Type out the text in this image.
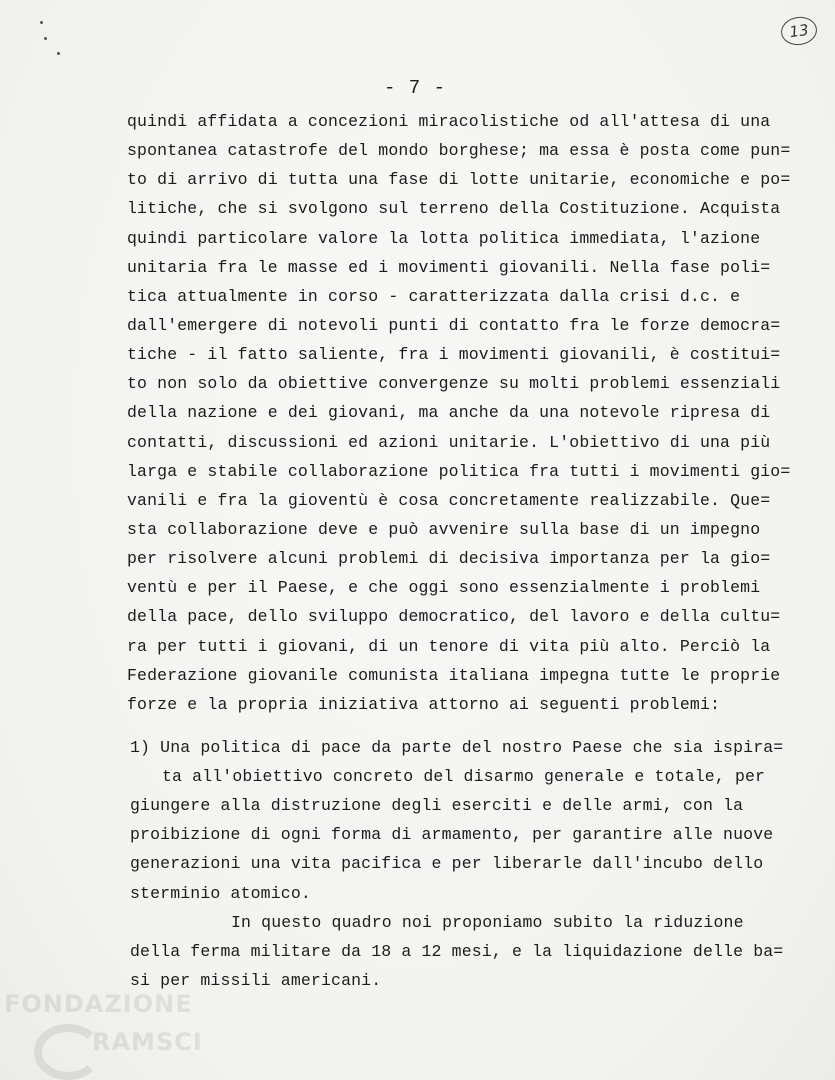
13
- 7 -
quindi affidata a concezioni miracolistiche od all'attesa di una
spontanea catastrofe del mondo borghese; ma essa è posta come pun=
to di arrivo di tutta una fase di lotte unitarie, economiche e po=
litiche, che si svolgono sul terreno della Costituzione. Acquista
quindi particolare valore la lotta politica immediata, l'azione
unitaria fra le masse ed i movimenti giovanili. Nella fase poli=
tica attualmente in corso - caratterizzata dalla crisi d.c. e
dall'emergere di notevoli punti di contatto fra le forze democra=
tiche - il fatto saliente, fra i movimenti giovanili, è costitui=
to non solo da obiettive convergenze su molti problemi essenziali
della nazione e dei giovani, ma anche da una notevole ripresa di
contatti, discussioni ed azioni unitarie. L'obiettivo di una più
larga e stabile collaborazione politica fra tutti i movimenti gio=
vanili e fra la gioventù è cosa concretamente realizzabile. Que=
sta collaborazione deve e può avvenire sulla base di un impegno
per risolvere alcuni problemi di decisiva importanza per la gio=
ventù e per il Paese, e che oggi sono essenzialmente i problemi
della pace, dello sviluppo democratico, del lavoro e della cultu=
ra per tutti i giovani, di un tenore di vita più alto. Perciò la
Federazione giovanile comunista italiana impegna tutte le proprie
forze e la propria iniziativa attorno ai seguenti problemi:
1) Una politica di pace da parte del nostro Paese che sia ispira=
ta all'obiettivo concreto del disarmo generale e totale, per
giungere alla distruzione degli eserciti e delle armi, con la
proibizione di ogni forma di armamento, per garantire alle nuove
generazioni una vita pacifica e per liberarle dall'incubo dello
sterminio atomico.
In questo quadro noi proponiamo subito la riduzione
della ferma militare da 18 a 12 mesi, e la liquidazione delle ba=
si per missili americani.
FONDAZIONE
RAMSCI
